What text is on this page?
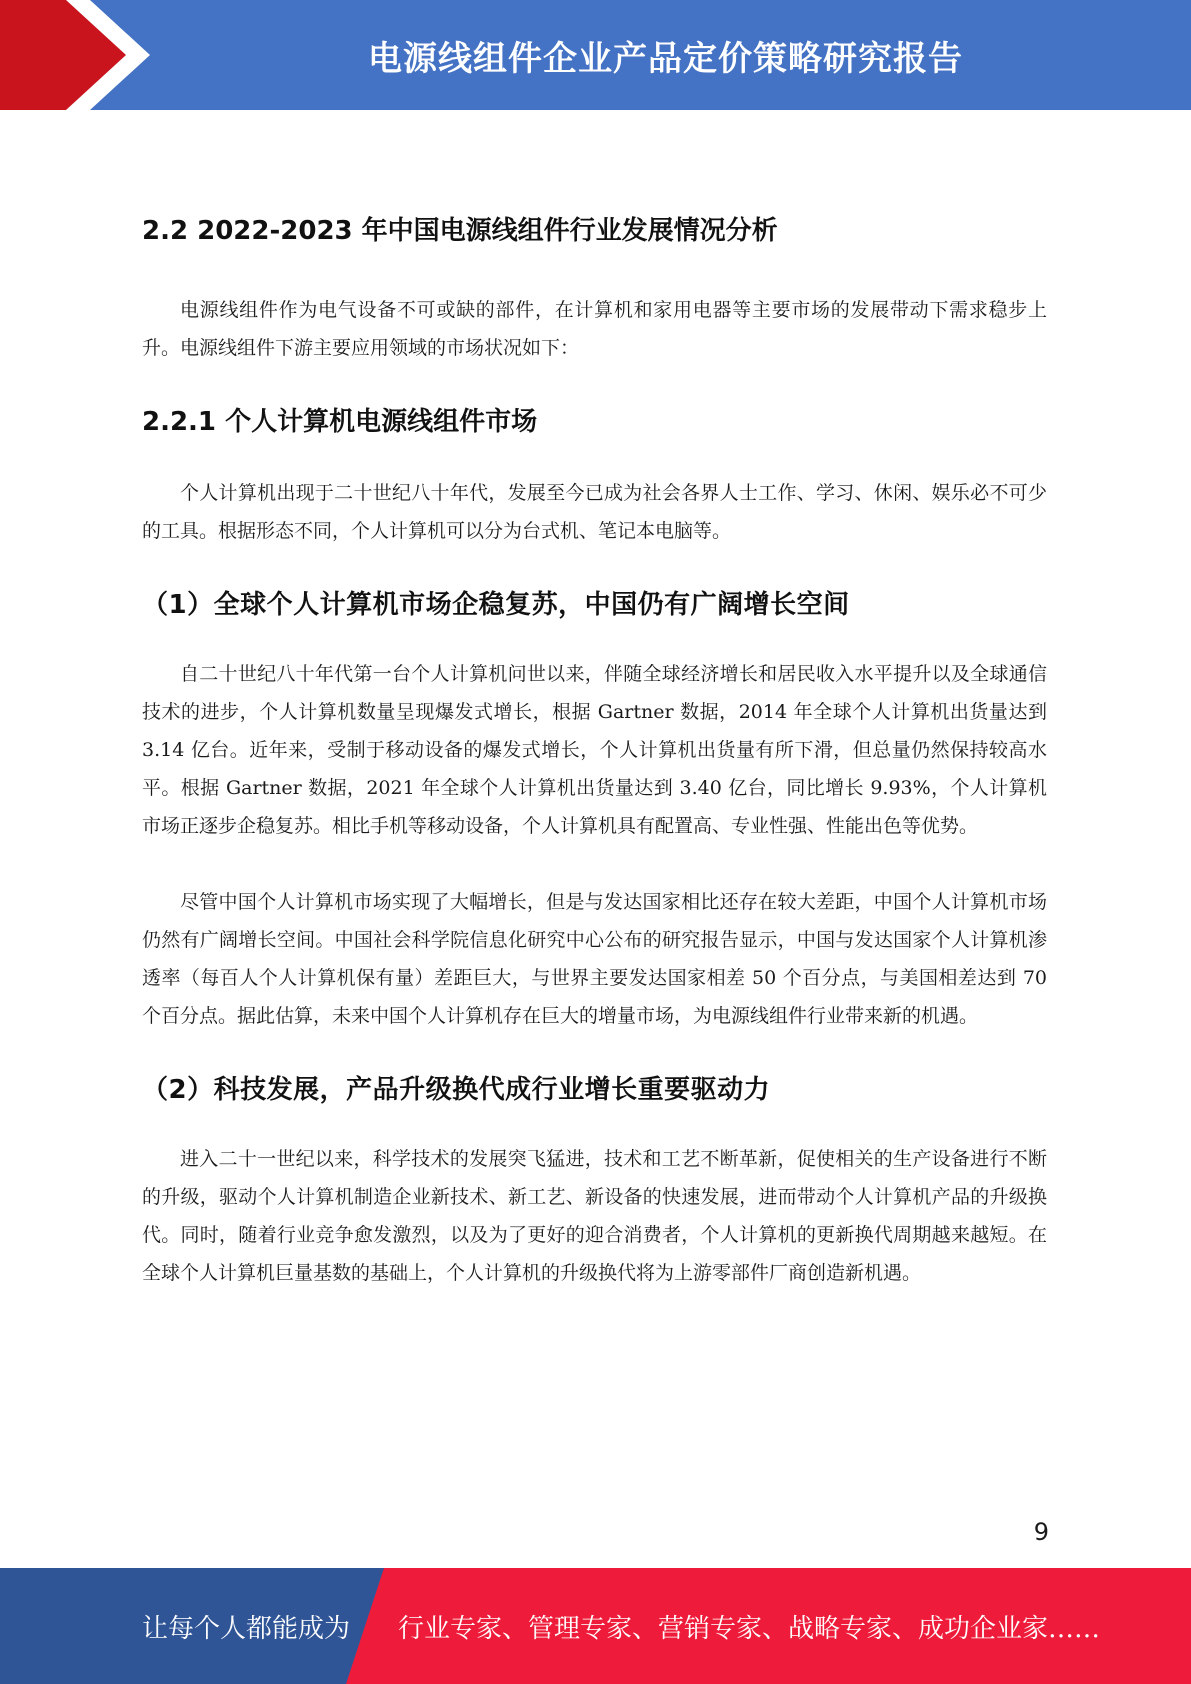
电源线组件企业产品定价策略研究报告
2.2 2022-2023 年中国电源线组件行业发展情况分析

电源线组件作为电气设备不可或缺的部件，在计算机和家用电器等主要市场的发展带动下需求稳步上升。电源线组件下游主要应用领域的市场状况如下：

2.2.1 个人计算机电源线组件市场

个人计算机出现于二十世纪八十年代，发展至今已成为社会各界人士工作、学习、休闲、娱乐必不可少的工具。根据形态不同，个人计算机可以分为台式机、笔记本电脑等。

（1）全球个人计算机市场企稳复苏，中国仍有广阔增长空间

自二十世纪八十年代第一台个人计算机问世以来，伴随全球经济增长和居民收入水平提升以及全球通信技术的进步，个人计算机数量呈现爆发式增长，根据 Gartner 数据，2014 年全球个人计算机出货量达到 3.14 亿台。近年来，受制于移动设备的爆发式增长，个人计算机出货量有所下滑，但总量仍然保持较高水平。根据 Gartner 数据，2021 年全球个人计算机出货量达到 3.40 亿台，同比增长 9.93%，个人计算机市场正逐步企稳复苏。相比手机等移动设备，个人计算机具有配置高、专业性强、性能出色等优势。

尽管中国个人计算机市场实现了大幅增长，但是与发达国家相比还存在较大差距，中国个人计算机市场仍然有广阔增长空间。中国社会科学院信息化研究中心公布的研究报告显示，中国与发达国家个人计算机渗透率（每百人个人计算机保有量）差距巨大，与世界主要发达国家相差 50 个百分点，与美国相差达到 70 个百分点。据此估算，未来中国个人计算机存在巨大的增量市场，为电源线组件行业带来新的机遇。

（2）科技发展，产品升级换代成行业增长重要驱动力

进入二十一世纪以来，科学技术的发展突飞猛进，技术和工艺不断革新，促使相关的生产设备进行不断的升级，驱动个人计算机制造企业新技术、新工艺、新设备的快速发展，进而带动个人计算机产品的升级换代。同时，随着行业竞争愈发激烈，以及为了更好的迎合消费者，个人计算机的更新换代周期越来越短。在全球个人计算机巨量基数的基础上，个人计算机的升级换代将为上游零部件厂商创造新机遇。

9
让每个人都能成为 行业专家、管理专家、营销专家、战略专家、成功企业家……
